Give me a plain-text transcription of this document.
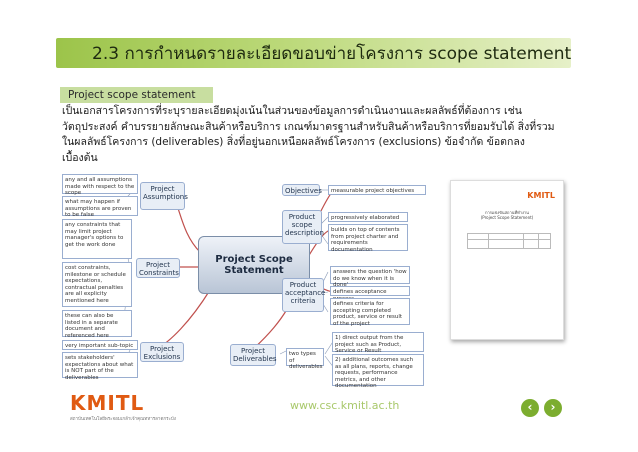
2.3 การกำหนดรายละเอียดขอบข่ายโครงการ scope statement
Project scope statement
เป็นเอกสารโครงการที่ระบุรายละเอียดมุ่งเน้นในส่วนของข้อมูลการดำเนินงานและผลลัพธ์ที่ต้องการ เช่น
วัตถุประสงค์ คำบรรยายลักษณะสินค้าหรือบริการ เกณฑ์มาตรฐานสำหรับสินค้าหรือบริการที่ยอมรับได้ สิ่งที่รวม
ในผลลัพธ์โครงการ (deliverables) สิ่งที่อยู่นอกเหนือผลลัพธ์โครงการ (exclusions) ข้อจำกัด ข้อตกลง
เบื้องต้น
any and all assumptions made with respect to the scope
what may happen if assumptions are proven to be false
Project Assumptions
any constraints that may limit project manager's options to get the work done
cost constraints, milestone or schedule expectations, contractual penalties are all explicity mentioned here
these can also be listed in a separate document and referenced here
Project Constraints
very important sub-topic
sets stakeholders' expectations about what is NOT part of the deliverables
Project Exclusions
Project Scope Statement
Objectives	measurable project objectives
Product scope description
progressively elaborated
builds on top of contents from project charter and requirements documentation
Product acceptance criteria
answers the question 'how do we know when it is
defines acceptance
defines criteria for accepting completed product, service or result of the project
Project Deliverables
two types of deliverables
1) direct output from the project such as Product, Service or Result
2) additional outcomes such as all plans, reports, change requests, performance metrics, and other documentation
KMITL
การแข่งขันสถานที่ทำงาน
(Project Scope Statement)
KMITL
สถาบันเทคโนโลยีพระจอมเกล้าเจ้าคุณทหารลาดกระบัง
www.csc.kmitl.ac.th	‹	›
